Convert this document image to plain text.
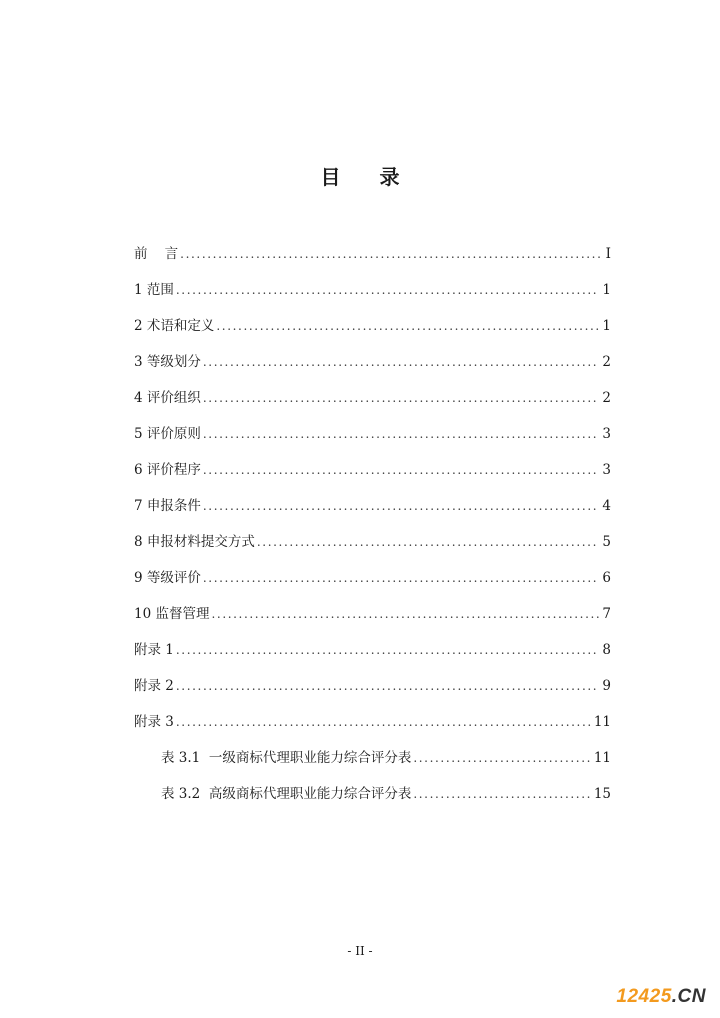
目 录
前    言 .....	I
1 范围 .....	1
2 术语和定义 .....	1
3 等级划分 .....	2
4 评价组织 .....	2
5 评价原则 .....	3
6 评价程序 .....	3
7 申报条件 .....	4
8 申报材料提交方式 .....	5
9 等级评价 .....	6
10 监督管理 .....	7
附录 1 .....	8
附录 2 .....	9
附录 3 .....	11
表 3.1  一级商标代理职业能力综合评分表 .....	11
表 3.2  高级商标代理职业能力综合评分表 .....	15
- II -
12425.CN
